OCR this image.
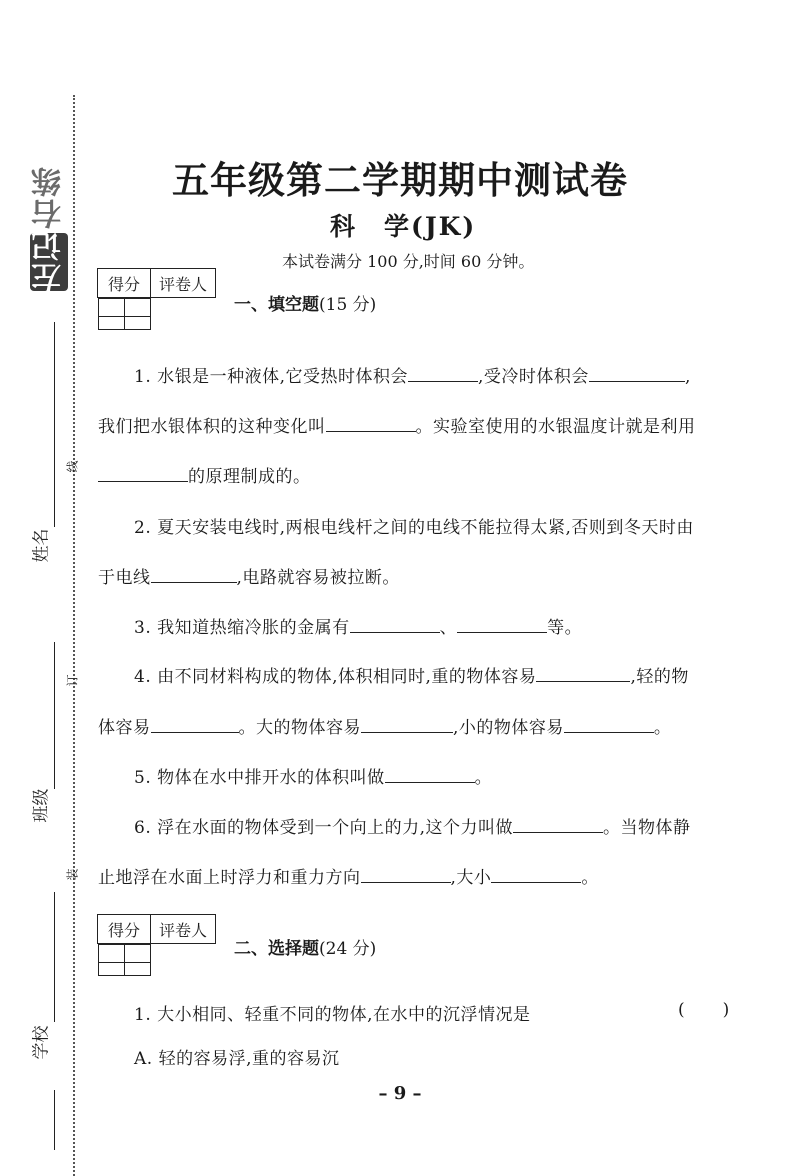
左记右练
姓名
班级
学校
线
订
装
五年级第二学期期中测试卷
科　学(JK)
本试卷满分 100 分,时间 60 分钟。
得分	评卷人

一、填空题(15 分)
1. 水银是一种液体,它受热时体积会	,受冷时体积会	,
我们把水银体积的这种变化叫	。实验室使用的水银温度计就是利用
的原理制成的。
2. 夏天安装电线时,两根电线杆之间的电线不能拉得太紧,否则到冬天时由
于电线	,电路就容易被拉断。
3. 我知道热缩冷胀的金属有	、	等。
4. 由不同材料构成的物体,体积相同时,重的物体容易	,轻的物
体容易	。大的物体容易	,小的物体容易	。
5. 物体在水中排开水的体积叫做	。
6. 浮在水面的物体受到一个向上的力,这个力叫做	。当物体静
止地浮在水面上时浮力和重力方向	,大小	。
得分	评卷人

二、选择题(24 分)
1. 大小相同、轻重不同的物体,在水中的沉浮情况是	()
A. 轻的容易浮,重的容易沉
– 9 –
